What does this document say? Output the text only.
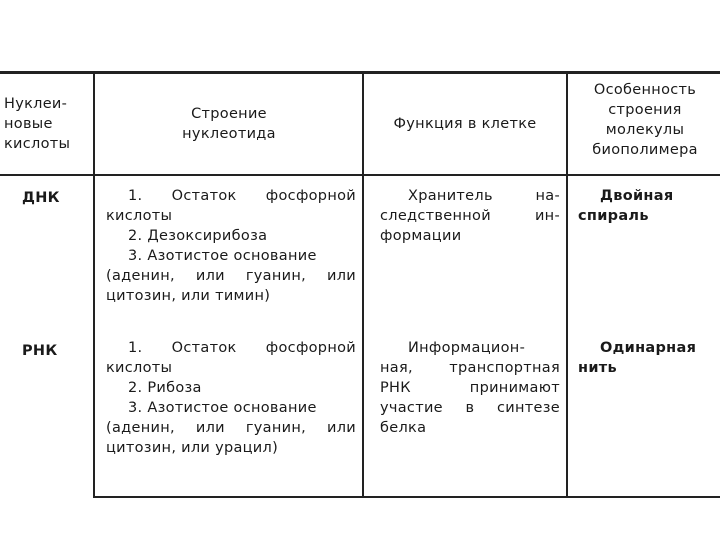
Нуклеи-
новые
кислоты
Строение
нуклеотида
Функция в клетке
Особенность
строения
молекулы
биополимера
ДНК	1. Остаток фосфорной
кислоты
2. Дезоксирибоза
3. Азотистое основание
(аденин, или гуанин, или
цитозин, или тимин)
Хранитель на-
следственной ин-
формации
Двойная
спираль
РНК	1. Остаток фосфорной
кислоты
2. Рибоза
3. Азотистое основание
(аденин, или гуанин, или
цитозин, или урацил)
Информацион-
ная, транспортная
РНК принимают
участие в синтезе
белка
Одинарная
нить
